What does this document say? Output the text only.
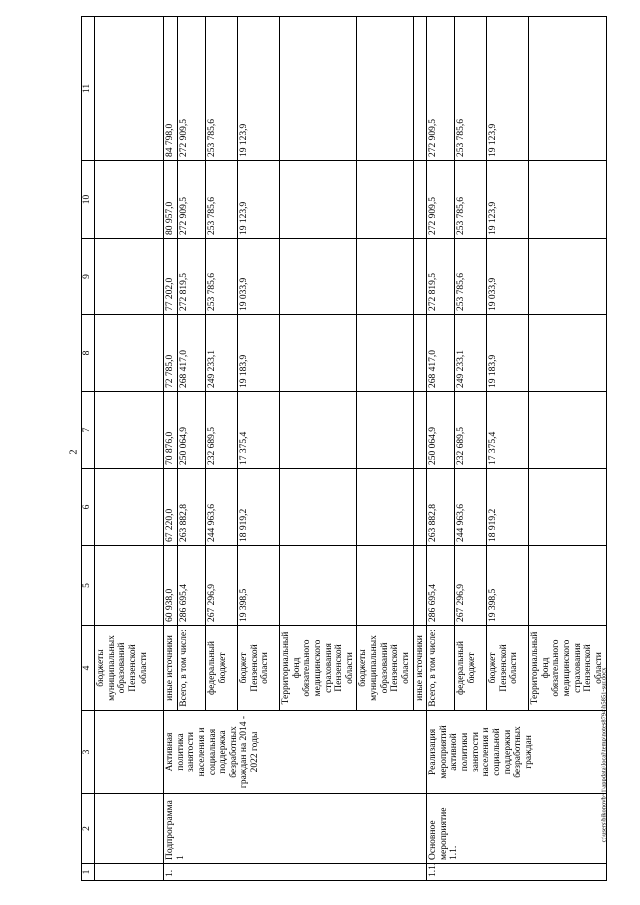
2
c:\users\bikonovb~1\appdata\local\temp\notes8794\h5851-sur.docx
1	2	3	4	5	6	7	8	9	10	11
			бюджеты муниципальных образований Пензенской области							
1.	Подпрограмма 1	Активная политика занятости населения и социальная поддержка безработных граждан на 2014 - 2022 годы	иные источники	60 938,0	67 220,0	70 876,0	72 785,0	77 202,0	80 957,0	84 798,0
			Всего, в том числе:	286 695,4	263 882,8	250 064,9	268 417,0	272 819,5	272 909,5	272 909,5
			федеральный бюджет	267 296,9	244 963,6	232 689,5	249 233,1	253 785,6	253 785,6	253 785,6
			бюджет Пензенской области	19 398,5	18 919,2	17 375,4	19 183,9	19 033,9	19 123,9	19 123,9
			Территориальный фонд обязательного медицинского страхования Пензенской области							
			бюджеты муниципальных образований Пензенской области							
			иные источники							
1.1.	Основное мероприятие 1.1.	Реализация мероприятий активной политики занятости населения и социальной поддержки безработных граждан	Всего, в том числе:	286 695,4	263 882,8	250 064,9	268 417,0	272 819,5	272 909,5	272 909,5
			федеральный бюджет	267 296,9	244 963,6	232 689,5	249 233,1	253 785,6	253 785,6	253 785,6
			бюджет Пензенской области	19 398,5	18 919,2	17 375,4	19 183,9	19 033,9	19 123,9	19 123,9
			Территориальный фонд обязательного медицинского страхования Пензенской области							
